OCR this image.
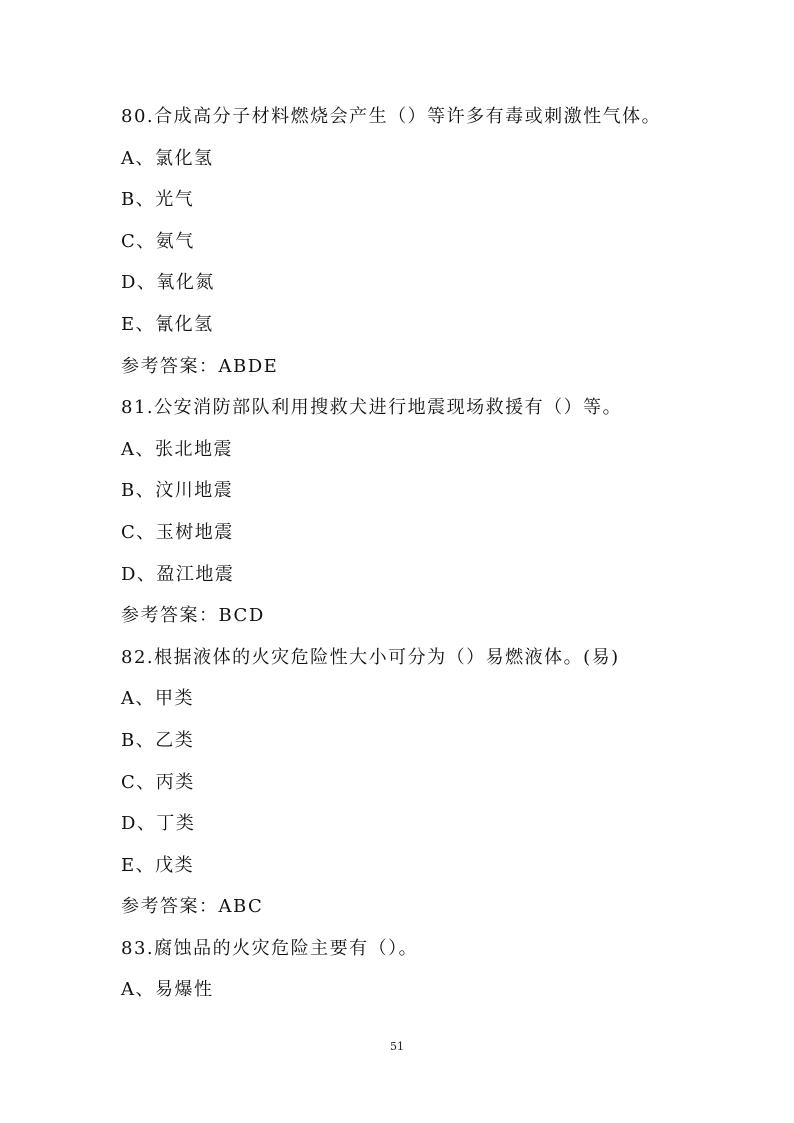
80.合成高分子材料燃烧会产生（）等许多有毒或刺激性气体。
A、氯化氢
B、光气
C、氨气
D、氧化氮
E、氰化氢
参考答案：ABDE
81.公安消防部队利用搜救犬进行地震现场救援有（）等。
A、张北地震
B、汶川地震
C、玉树地震
D、盈江地震
参考答案：BCD
82.根据液体的火灾危险性大小可分为（）易燃液体。(易)
A、甲类
B、乙类
C、丙类
D、丁类
E、戊类
参考答案：ABC
83.腐蚀品的火灾危险主要有（）。
A、易爆性
51
